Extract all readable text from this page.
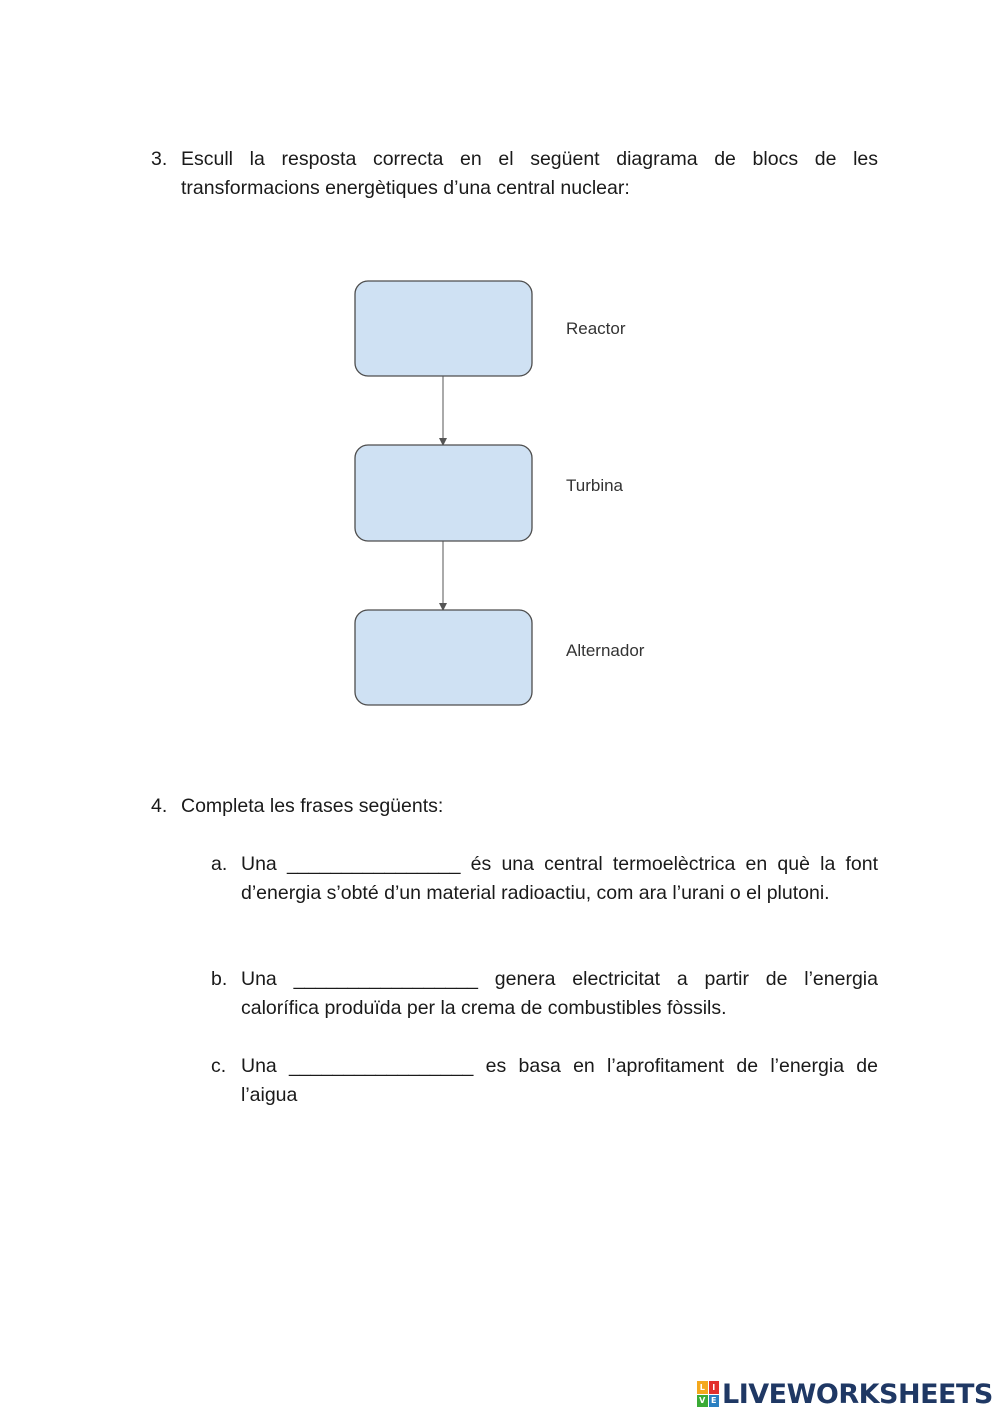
3. Escull la resposta correcta en el següent diagrama de blocs de les transformacions energètiques d’una central nuclear:
Reactor
Turbina
Alternador
4. Completa les frases següents:
a. Una ________________ és una central termoelèctrica en què la font d’energia s’obté d’un material radioactiu, com ara l’urani o el plutoni.
b. Una _________________ genera electricitat a partir de l’energia calorífica produïda per la crema de combustibles fòssils.
c. Una _________________ es basa en l’aprofitament de l’energia de l’aigua
L I
V E LIVEWORKSHEETS
